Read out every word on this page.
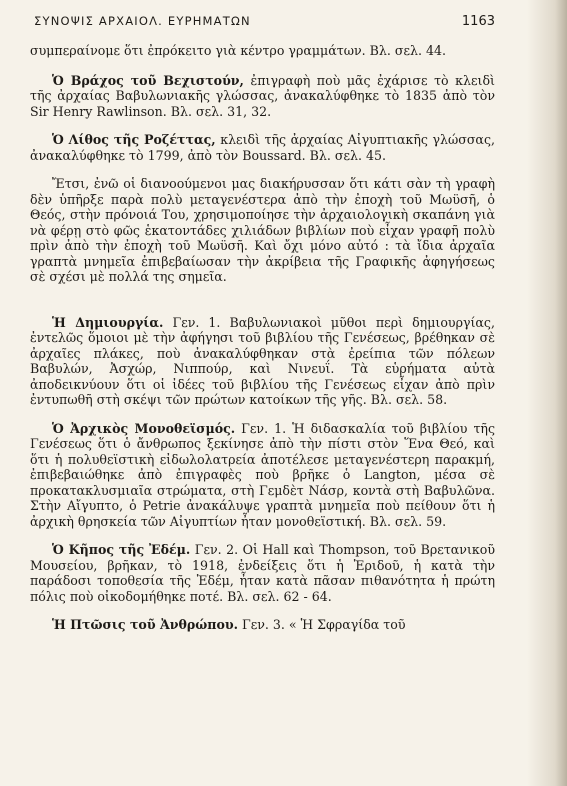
ΣΥΝΟΨΙΣ ΑΡΧΑΙΟΛ. ΕΥΡΗΜΑΤΩΝ	1163

συμπεραίνομε ὅτι ἐπρόκειτο γιὰ κέντρο γραμμάτων. Βλ. σελ. 44.

Ὁ Βράχος τοῦ Βεχιστούν, ἐπιγραφὴ ποὺ μᾶς ἐχάρισε τὸ κλειδὶ τῆς ἀρχαίας Βαβυλωνιακῆς γλώσσας, ἀνακαλύφθηκε τὸ 1835 ἀπὸ τὸν Sir Henry Rawlinson. Βλ. σελ. 31, 32.

Ὁ Λίθος τῆς Ροζέττας, κλειδὶ τῆς ἀρχαίας Αἰγυπτιακῆς γλώσσας, ἀνακαλύφθηκε τὸ 1799, ἀπὸ τὸν Boussard. Βλ. σελ. 45.

Ἔτσι, ἐνῶ οἱ διανοούμενοι μας διακήρυσσαν ὅτι κάτι σὰν τὴ γραφὴ δὲν ὑπῆρξε παρὰ πολὺ μεταγενέστερα ἀπὸ τὴν ἐποχὴ τοῦ Μωϋσῆ, ὁ Θεός, στὴν πρόνοιά Του, χρησιμοποίησε τὴν ἀρχαιολογικὴ σκαπάνη γιὰ νὰ φέρῃ στὸ φῶς ἑκατοντάδες χιλιάδων βιβλίων ποὺ εἶχαν γραφῆ πολὺ πρὶν ἀπὸ τὴν ἐποχὴ τοῦ Μωϋσῆ. Καὶ ὄχι μόνο αὐτό : τὰ ἴδια ἀρχαῖα γραπτὰ μνημεῖα ἐπιβεβαίωσαν τὴν ἀκρίβεια τῆς Γραφικῆς ἀφηγήσεως σὲ σχέσι μὲ πολλά της σημεῖα.

Ἡ Δημιουργία. Γεν. 1. Βαβυλωνιακοὶ μῦθοι περὶ δημιουργίας, ἐντελῶς ὅμοιοι μὲ τὴν ἀφήγησι τοῦ βιβλίου τῆς Γενέσεως, βρέθηκαν σὲ ἀρχαῖες πλάκες, ποὺ ἀνακαλύφθηκαν στὰ ἐρείπια τῶν πόλεων Βαβυλών, Ἀσχώρ, Νιππούρ, καὶ Νινευΐ. Τὰ εὑρήματα αὐτὰ ἀποδεικνύουν ὅτι οἱ ἰδέες τοῦ βιβλίου τῆς Γενέσεως εἶχαν ἀπὸ πρὶν ἐντυπωθῆ στὴ σκέψι τῶν πρώτων κατοίκων τῆς γῆς. Βλ. σελ. 58.

Ὁ Ἀρχικὸς Μονοθεϊσμός. Γεν. 1. Ἡ διδασκαλία τοῦ βιβλίου τῆς Γενέσεως ὅτι ὁ ἄνθρωπος ξεκίνησε ἀπὸ τὴν πίστι στὸν Ἕνα Θεό, καὶ ὅτι ἡ πολυθεϊστικὴ εἰδωλολατρεία ἀποτέλεσε μεταγενέστερη παρακμή, ἐπιβεβαιώθηκε ἀπὸ ἐπιγραφὲς ποὺ βρῆκε ὁ Langton, μέσα σὲ προκατακλυσμιαῖα στρώματα, στὴ Γεμδὲτ Νάσρ, κοντὰ στὴ Βαβυλῶνα. Στὴν Αἴγυπτο, ὁ Petrie ἀνακάλυψε γραπτὰ μνημεῖα ποὺ πείθουν ὅτι ἡ ἀρχικὴ θρησκεία τῶν Αἰγυπτίων ἦταν μονοθεϊστική. Βλ. σελ. 59.

Ὁ Κῆπος τῆς Ἐδέμ. Γεν. 2. Οἱ Hall καὶ Thompson, τοῦ Βρετανικοῦ Μουσείου, βρῆκαν, τὸ 1918, ἐνδείξεις ὅτι ἡ Ἐριδοῦ, ἡ κατὰ τὴν παράδοσι τοποθεσία τῆς Ἐδέμ, ἦταν κατὰ πᾶσαν πιθανότητα ἡ πρώτη πόλις ποὺ οἰκοδομήθηκε ποτέ. Βλ. σελ. 62 - 64.

Ἡ Πτῶσις τοῦ Ἀνθρώπου. Γεν. 3. « Ἡ Σφραγίδα τοῦ
